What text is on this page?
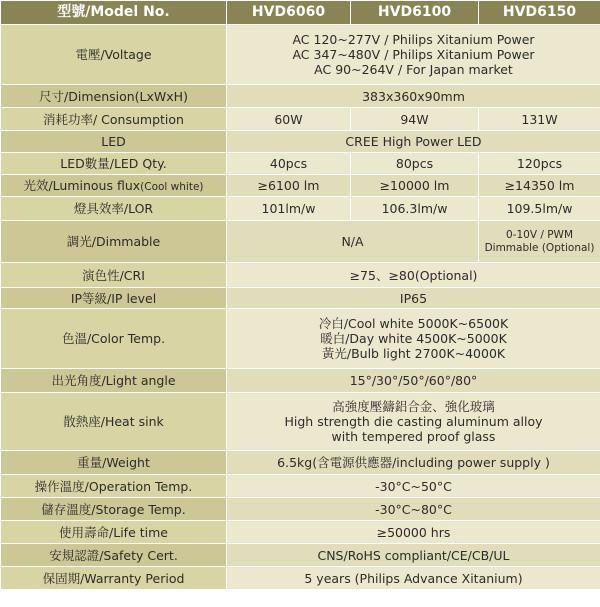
型號/Model No.	HVD6060	HVD6100	HVD6150
電壓/Voltage	AC 120~277V / Philips Xitanium Power
AC 347~480V / Philips Xitanium Power
AC 90~264V / For Japan market		

尺寸/Dimension(LxWxH)	383x360x90mm		
消耗功率/ Consumption	60W	94W	131W
LED	CREE High Power LED		
LED數量/LED Qty.	40pcs	80pcs	120pcs
光效/Luminous flux(Cool white)	≥6100 lm	≥10000 lm	≥14350 lm
燈具效率/LOR	101lm/w	106.3lm/w	109.5lm/w
調光/Dimmable	N/A		0-10V / PWM
Dimmable (Optional)

演色性/CRI	≥75、≥80(Optional)		
IP等級/IP level	IP65		
色溫/Color Temp.	冷白/Cool white 5000K~6500K
暖白/Day white 4500K~5000K
黃光/Bulb light 2700K~4000K		

出光角度/Light angle	15°/30°/50°/60°/80°		
散熱座/Heat sink	高強度壓鑄鋁合金、強化玻璃
High strength die casting aluminum alloy
with tempered proof glass		

重量/Weight	6.5kg(含電源供應器/including power supply )		
操作溫度/Operation Temp.	-30°C~50°C		
儲存溫度/Storage Temp.	-30°C~80°C		
使用壽命/Life time	≥50000 hrs		
安規認證/Safety Cert.	CNS/RoHS compliant/CE/CB/UL		
保固期/Warranty Period	5 years (Philips Advance Xitanium)		
